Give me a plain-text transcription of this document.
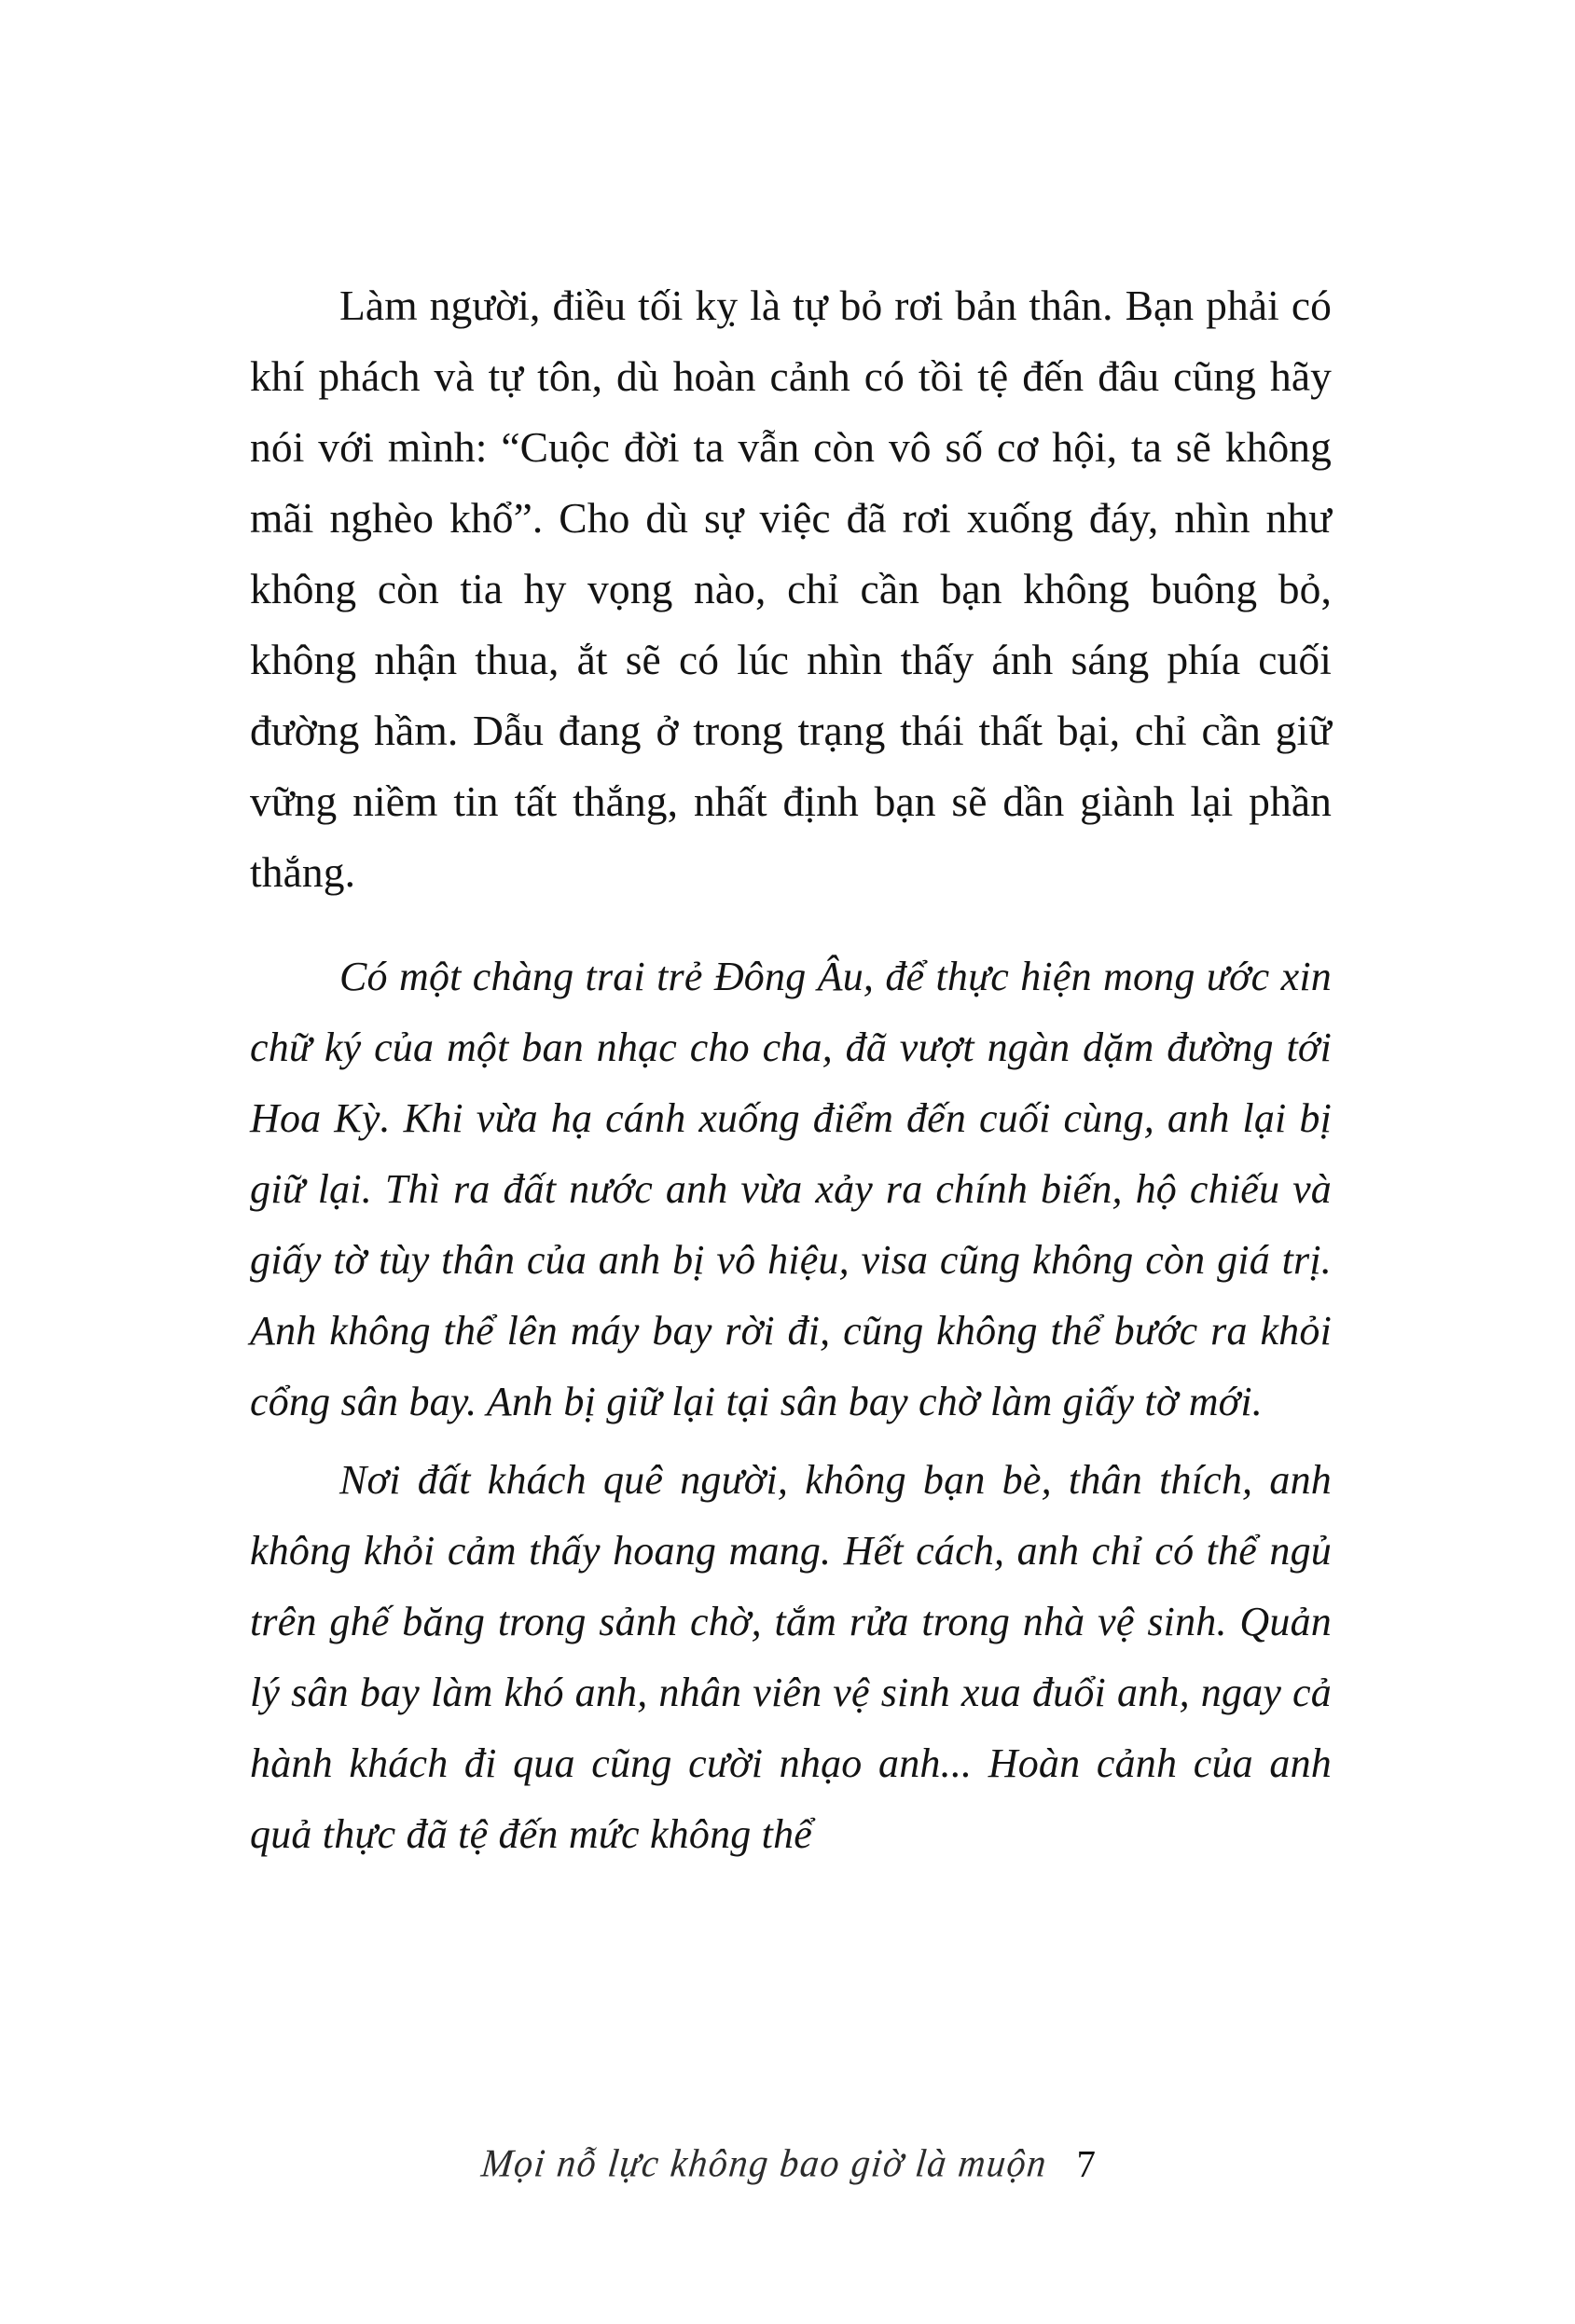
Làm người, điều tối kỵ là tự bỏ rơi bản thân. Bạn phải có khí phách và tự tôn, dù hoàn cảnh có tồi tệ đến đâu cũng hãy nói với mình: “Cuộc đời ta vẫn còn vô số cơ hội, ta sẽ không mãi nghèo khổ”. Cho dù sự việc đã rơi xuống đáy, nhìn như không còn tia hy vọng nào, chỉ cần bạn không buông bỏ, không nhận thua, ắt sẽ có lúc nhìn thấy ánh sáng phía cuối đường hầm. Dẫu đang ở trong trạng thái thất bại, chỉ cần giữ vững niềm tin tất thắng, nhất định bạn sẽ dần giành lại phần thắng.

Có một chàng trai trẻ Đông Âu, để thực hiện mong ước xin chữ ký của một ban nhạc cho cha, đã vượt ngàn dặm đường tới Hoa Kỳ. Khi vừa hạ cánh xuống điểm đến cuối cùng, anh lại bị giữ lại. Thì ra đất nước anh vừa xảy ra chính biến, hộ chiếu và giấy tờ tùy thân của anh bị vô hiệu, visa cũng không còn giá trị. Anh không thể lên máy bay rời đi, cũng không thể bước ra khỏi cổng sân bay. Anh bị giữ lại tại sân bay chờ làm giấy tờ mới.

Nơi đất khách quê người, không bạn bè, thân thích, anh không khỏi cảm thấy hoang mang. Hết cách, anh chỉ có thể ngủ trên ghế băng trong sảnh chờ, tắm rửa trong nhà vệ sinh. Quản lý sân bay làm khó anh, nhân viên vệ sinh xua đuổi anh, ngay cả hành khách đi qua cũng cười nhạo anh... Hoàn cảnh của anh quả thực đã tệ đến mức không thể

Mọi nỗ lực không bao giờ là muộn 7
